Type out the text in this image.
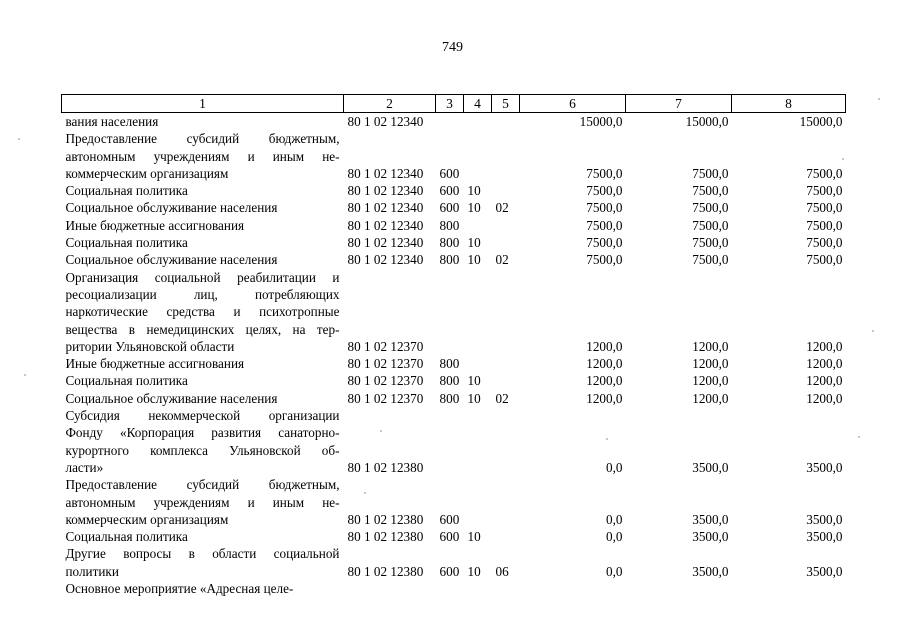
749
1	2	3	4	5	6	7	8

вания населения	80 1 02 12340				15000,0	15000,0	15000,0

Предоставление субсидий бюджетным,
автономным учреждениям и иным не-
коммерческим организациям	80 1 02 12340	600			7500,0	7500,0	7500,0

Социальная политика	80 1 02 12340	600	10		7500,0	7500,0	7500,0

Социальное обслуживание населения	80 1 02 12340	600	10	02	7500,0	7500,0	7500,0

Иные бюджетные ассигнования	80 1 02 12340	800			7500,0	7500,0	7500,0

Социальная политика	80 1 02 12340	800	10		7500,0	7500,0	7500,0

Социальное обслуживание населения	80 1 02 12340	800	10	02	7500,0	7500,0	7500,0

Организация социальной реабилитации и
ресоциализации лиц, потребляющих
наркотические средства и психотропные
вещества в немедицинских целях, на тер-
ритории Ульяновской области	80 1 02 12370				1200,0	1200,0	1200,0

Иные бюджетные ассигнования	80 1 02 12370	800			1200,0	1200,0	1200,0

Социальная политика	80 1 02 12370	800	10		1200,0	1200,0	1200,0

Социальное обслуживание населения	80 1 02 12370	800	10	02	1200,0	1200,0	1200,0

Субсидия некоммерческой организации
Фонду «Корпорация развития санаторно-
курортного комплекса Ульяновской об-
ласти»	80 1 02 12380				0,0	3500,0	3500,0

Предоставление субсидий бюджетным,
автономным учреждениям и иным не-
коммерческим организациям	80 1 02 12380	600			0,0	3500,0	3500,0

Социальная политика	80 1 02 12380	600	10		0,0	3500,0	3500,0

Другие вопросы в области социальной
политики	80 1 02 12380	600	10	06	0,0	3500,0	3500,0

Основное мероприятие «Адресная целе-							
